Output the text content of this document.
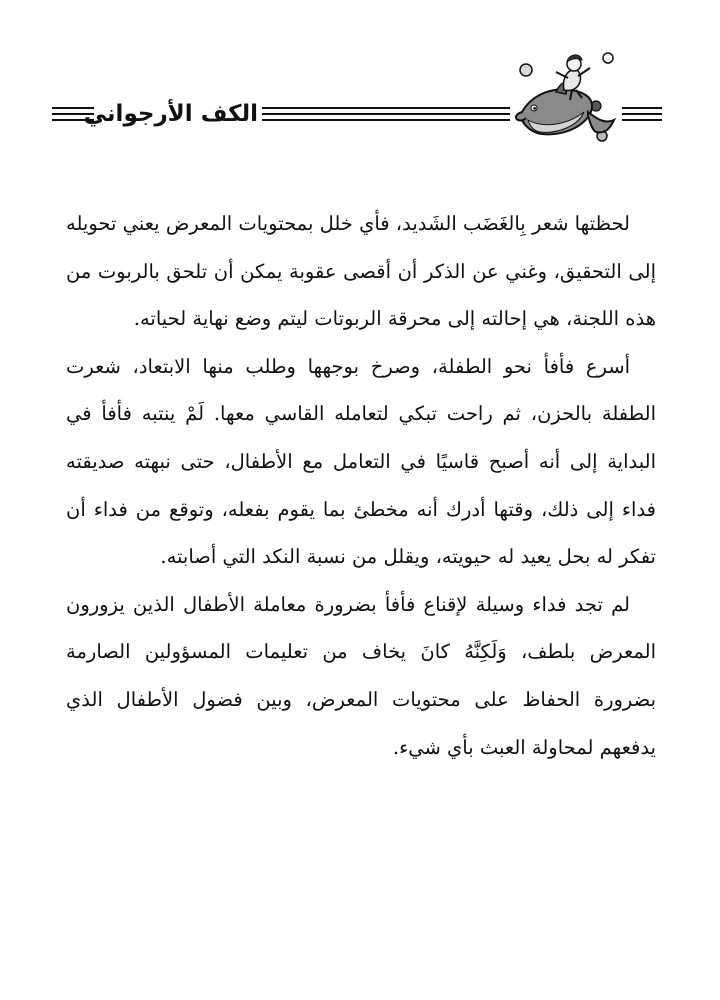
الكف الأرجواني

لحظتها شعر بِالغَضَب الشَديد، فأي خلل بمحتويات المعرض يعني تحويله إلى التحقيق، وغني عن الذكر أن أقصى عقوبة يمكن أن تلحق بالربوت من هذه اللجنة، هي إحالته إلى محرقة الربوتات ليتم وضع نهاية لحياته.

أسرع فأفأ نحو الطفلة، وصرخ بوجهها وطلب منها الابتعاد، شعرت الطفلة بالحزن، ثم راحت تبكي لتعامله القاسي معها. لَمْ ينتبه فأفأ في البداية إلى أنه أصبح قاسيًا في التعامل مع الأطفال، حتى نبهته صديقته فداء إلى ذلك، وقتها أدرك أنه مخطئ بما يقوم بفعله، وتوقع من فداء أن تفكر له بحل يعيد له حيويته، ويقلل من نسبة النكد التي أصابته.

لم تجد فداء وسيلة لإقناع فأفأ بضرورة معاملة الأطفال الذين يزورون المعرض بلطف، وَلَكِنَّهُ كانَ يخاف من تعليمات المسؤولين الصارمة بضرورة الحفاظ على محتويات المعرض، وبين فضول الأطفال الذي يدفعهم لمحاولة العبث بأي شيء.
